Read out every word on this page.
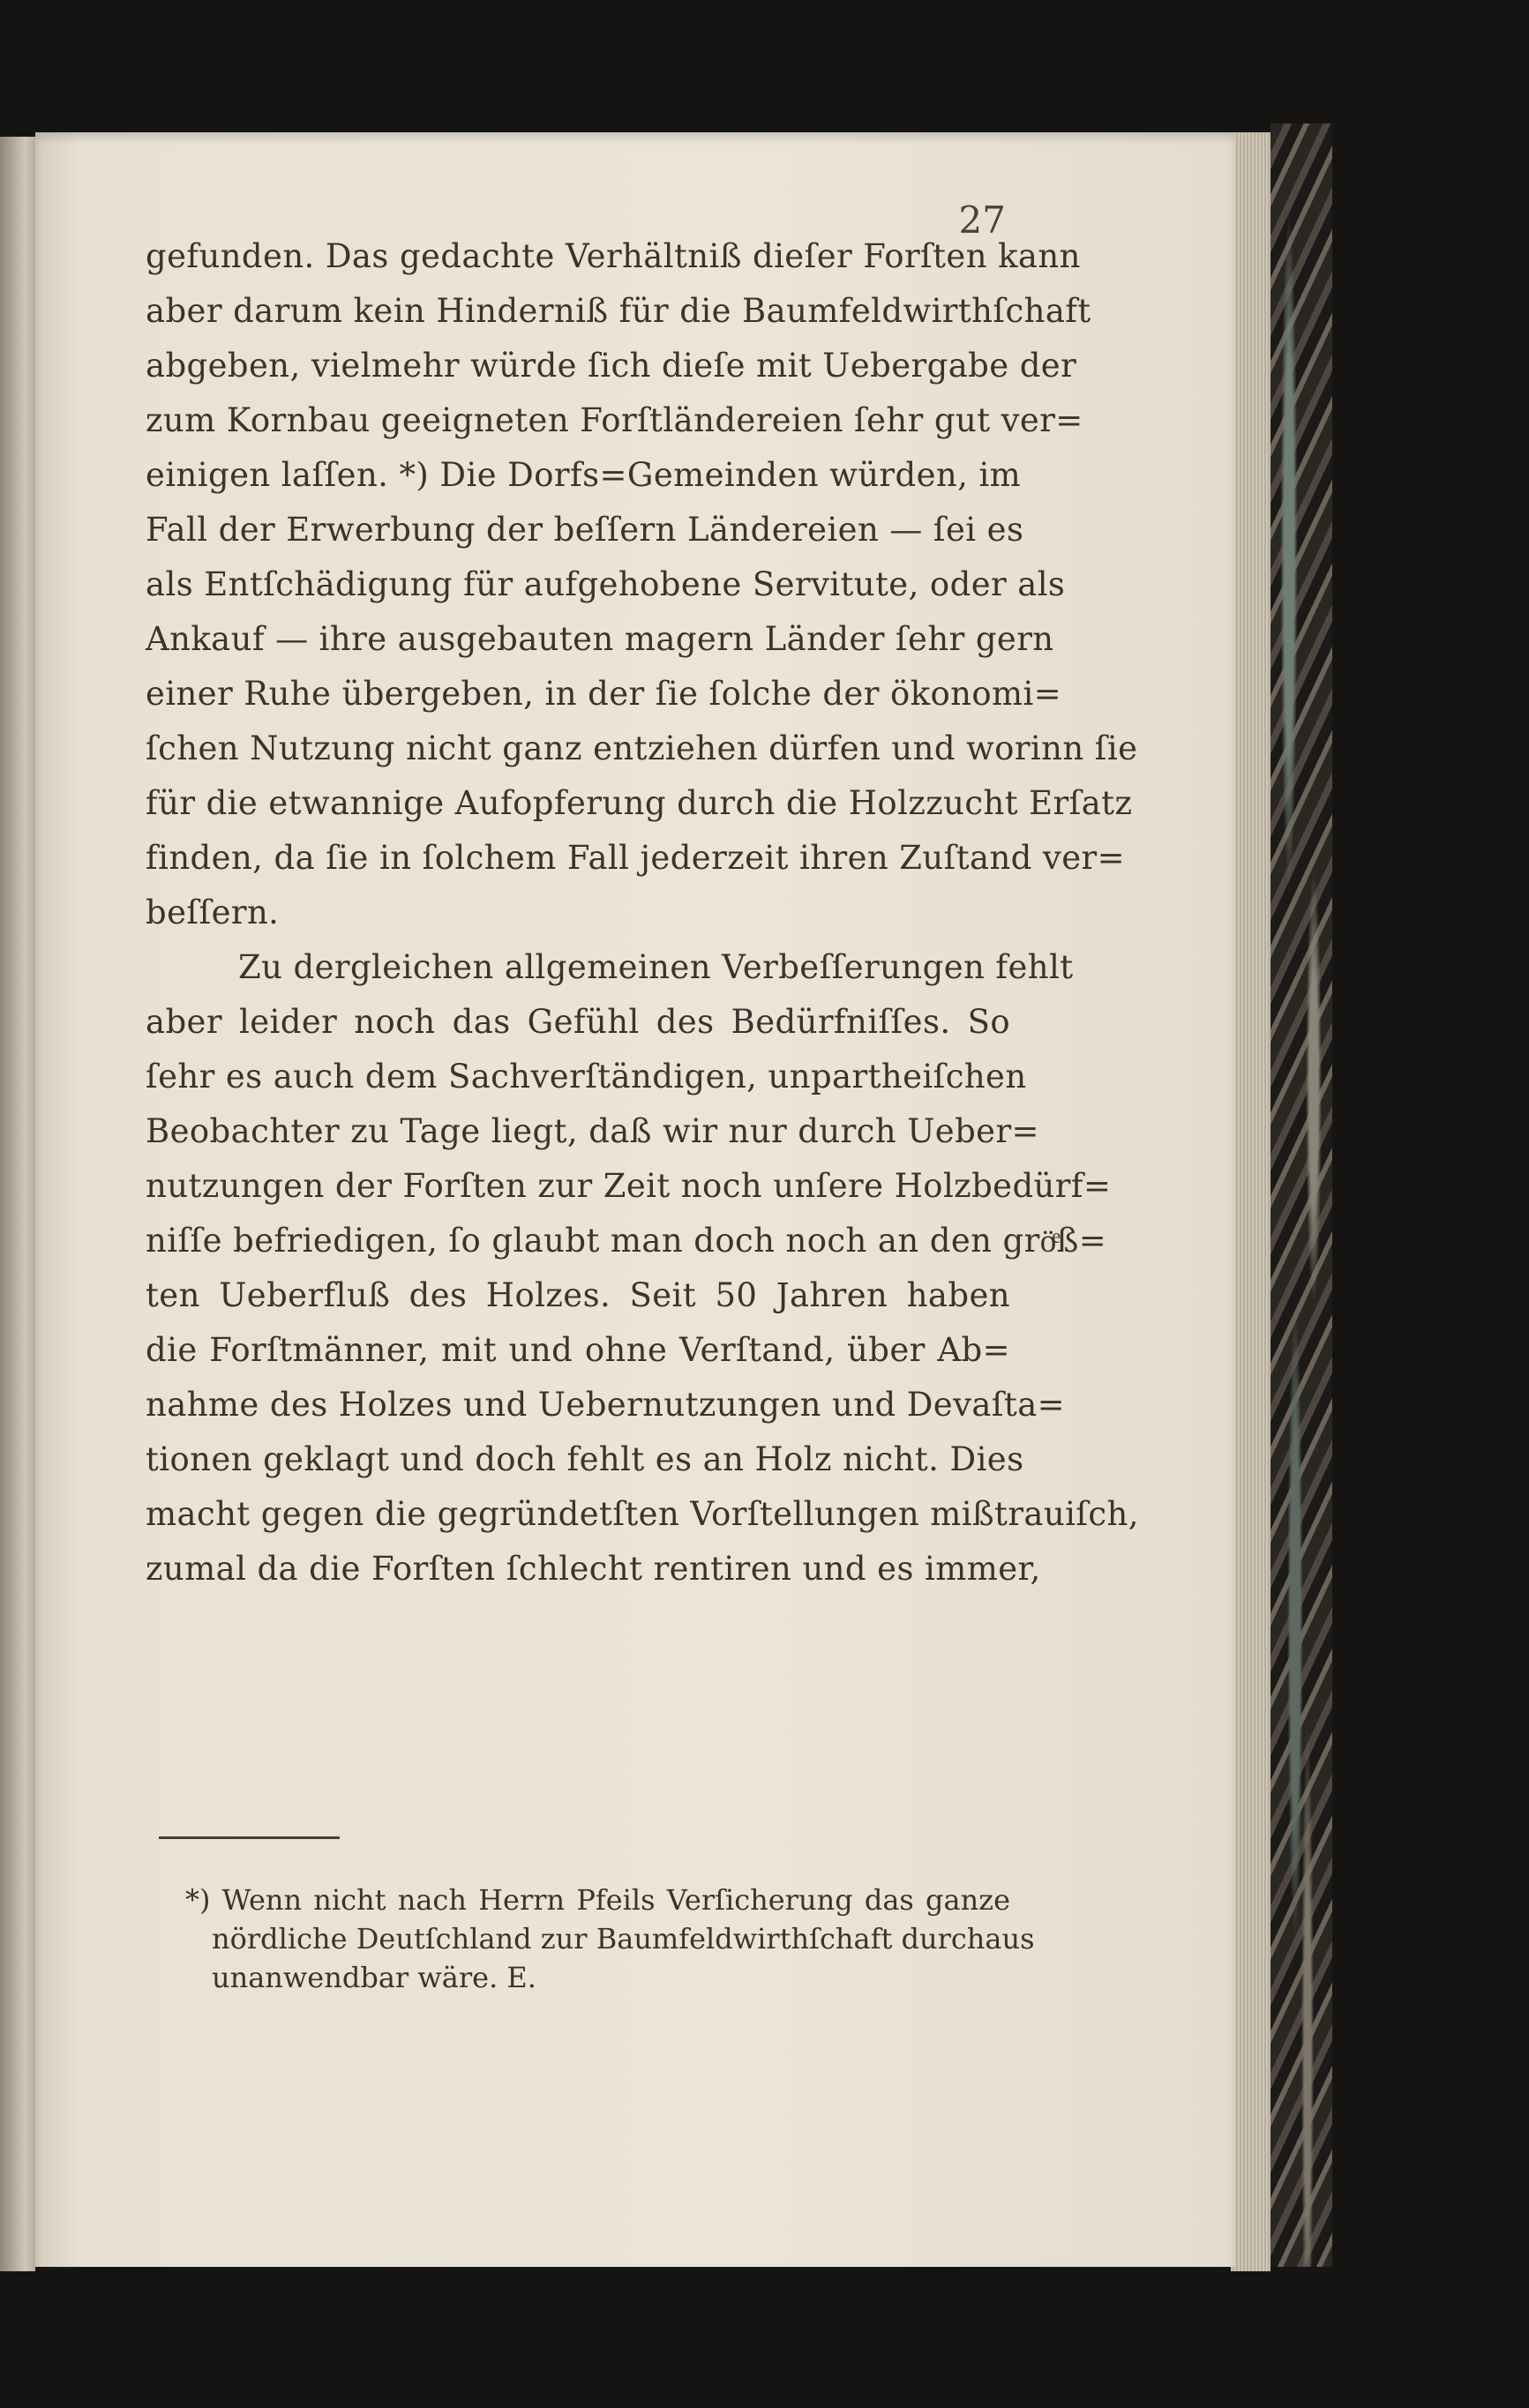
27
gefunden. Das gedachte Verhältniß dieſer Forſten kann
aber darum kein Hinderniß für die Baumfeldwirthſchaft
abgeben, vielmehr würde ſich dieſe mit Uebergabe der
zum Kornbau geeigneten Forſtländereien ſehr gut ver=
einigen laſſen. *) Die Dorfs=Gemeinden würden, im
Fall der Erwerbung der beſſern Ländereien — ſei es
als Entſchädigung für aufgehobene Servitute, oder als
Ankauf — ihre ausgebauten magern Länder ſehr gern
einer Ruhe übergeben, in der ſie ſolche der ökonomi=
ſchen Nutzung nicht ganz entziehen dürfen und worinn ſie
für die etwannige Aufopferung durch die Holzzucht Erſatz
finden, da ſie in ſolchem Fall jederzeit ihren Zuſtand ver=
beſſern.
Zu dergleichen allgemeinen Verbeſſerungen fehlt
aber leider noch das Gefühl des Bedürfniſſes. So
ſehr es auch dem Sachverſtändigen, unpartheiſchen
Beobachter zu Tage liegt, daß wir nur durch Ueber=
nutzungen der Forſten zur Zeit noch unſere Holzbedürf=
niſſe befriedigen, ſo glaubt man doch noch an den gröͤß=
ten Ueberfluß des Holzes. Seit 50 Jahren haben
die Forſtmänner, mit und ohne Verſtand, über Ab=
nahme des Holzes und Uebernutzungen und Devaſta=
tionen geklagt und doch fehlt es an Holz nicht. Dies
macht gegen die gegründetſten Vorſtellungen mißtrauiſch,
zumal da die Forſten ſchlecht rentiren und es immer,
*) Wenn nicht nach Herrn Pfeils Verſicherung das ganze
nördliche Deutſchland zur Baumfeldwirthſchaft durchaus
unanwendbar wäre. E.
